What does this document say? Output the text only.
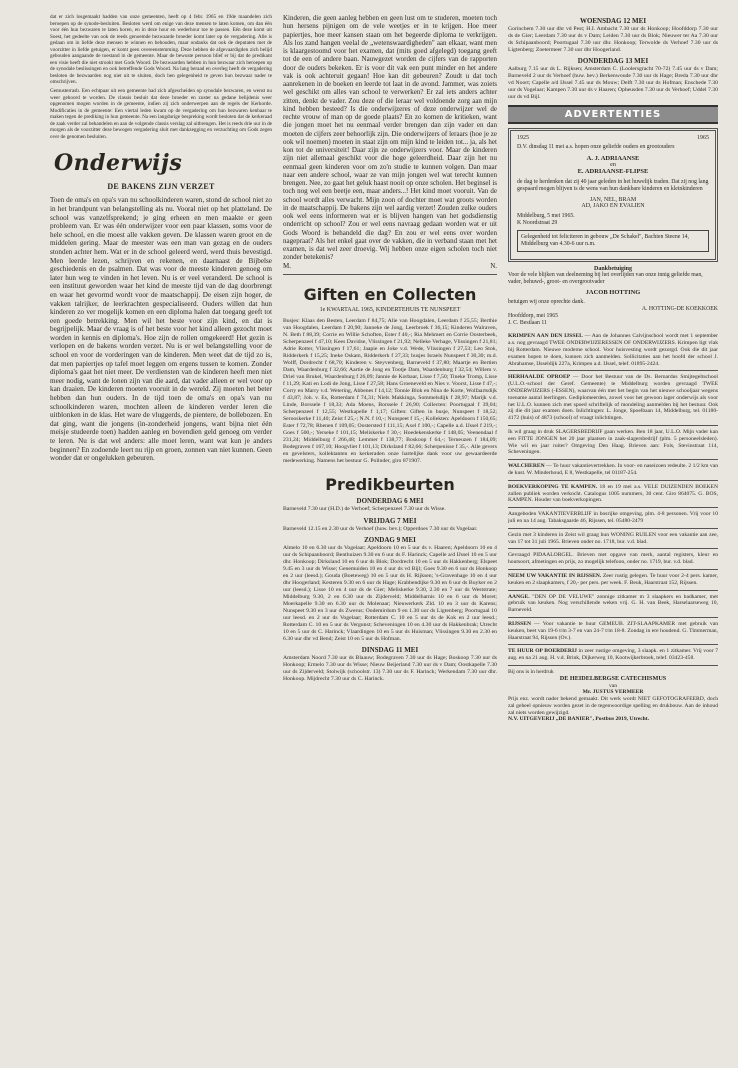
dat er zich losgemaakt hadden van onze gemeenten, heeft op 4 febr. 1965 en 19de maandelen zich beroepen op de synode-besluiten. Besloten werd om enige van deze mensen te laten komen, om dan één voor één hun bezwaren te laten horen, en in deze hour en wederhour toe te passen. Eén deze komt uit Soest, het gedeelte van ook de reeds genoemde bezwaarde broeder komt later op de vergadering. Alle is gedaan om in liefde deze mensen te winnen en behouden, maar ondanks dat ook de deputaten met de voorzitter in liefde getuigen, er komt geen overeenstemming. Deze hebben de afgevaardigden zich belijd gebouden aangaande de toestand in de gemeente. Maar de bewuste persoon blief er bij dat de predikant een visie heeft die niet strookt met Gods Woord. De bezwaarden hebben in hun bezwaar zich beroepen op de synodale beslissingen en ook betreffende Gods Woord. Na lang beraad en overleg heeft de vergadering besloten de bezwaarden nog niet uit te sluiten, doch hen gelegenheid te geven hun bezwaar nader te omschrijven.

Gemusterrasb. Een echtpaar uit een gemeente had zich afgescheiden op synodale bezwaren, en wenst nu weer gehoord te worden. De classis besluit dat deze broeder en zuster na gedane belijdenis weer opgenomen mogen worden in de gemeente, indien zij zich onderwerpen aan de regels der Kerkorde. Modificaties in de gemeente: Een viertal leden kwam op de vergadering om hun bezwaren kenbaar te maken tegen de prediking in hun gemeente. Na een langdurige bespreking wordt besloten dat de kerkeraad de zaak verder zal behandelen en aan de volgende classis verslag zal uitbrengen. Het is reeds drie uur in de morgen als de voorzitter deze bewogen vergadering sluit met dankzegging en verzuchting om Gods zegen over de genomen besluiten.

Onderwijs
DE BAKENS ZIJN VERZET

Toen de oma's en opa's van nu schoolkinderen waren, stond de school niet zo in het brandpunt van belangstelling als nu. Vooral niet op het platteland. De school was vanzelfsprekend; je ging erheen en men maakte er geen probleem van. Er was één onderwijzer voor een paar klassen, soms voor de hele school, en die moest alle vakken geven. De klassen waren groot en de middelen gering. Maar de meester was een man van gezag en de ouders stonden achter hem. Wat er in de school geleerd werd, werd thuis bevestigd. Men leerde lezen, schrijven en rekenen, en daarnaast de Bijbelse geschiedenis en de psalmen. Dat was voor de meeste kinderen genoeg om later hun weg te vinden in het leven. Nu is er veel veranderd. De school is een instituut geworden waar het kind de meeste tijd van de dag doorbrengt en waar het gevormd wordt voor de maatschappij. De eisen zijn hoger, de vakken talrijker, de leerkrachten gespecialiseerd. Ouders willen dat hun kinderen zo ver mogelijk komen en een diploma halen dat toegang geeft tot een goede betrekking. Men wil het beste voor zijn kind, en dat is begrijpelijk. Maar de vraag is of het beste voor het kind alleen gezocht moet worden in kennis en diploma's. Hoe zijn de rollen omgekeerd! Het gezin is verlopen en de bakens worden verzet. Nu is er wel belangstelling voor de school en voor de vorderingen van de kinderen. Men weet dat de tijd zo is, dat men papiertjes op tafel moet leggen om ergens tussen te komen. Zonder diploma's gaat het niet meer. De verdiensten van de kinderen heeft men niet meer nodig, want de lonen zijn van die aard, dat vader alleen er wel voor op kan draaien. De kinderen moeten vooruit in de wereld. Zij moeten het beter hebben dan hun ouders. In de tijd toen de oma's en opa's van nu schoolkinderen waren, mochten alleen de kinderen verder leren die uitblonken in de klas. Het ware de vluggerds, de pientere, de bollebozen. En dat ging, want die jongens (in-zonderheid jongens, want bijna niet één meisje studeerde toen) hadden aanleg en bovendien geld genoeg om verder te leren. Nu is dat wel anders: alle moet leren, want wat kun je anders beginnen? En zodoende leert nu rijp en groen, zonnen van niet kunnen. Geen wonder dat er ongelukken gebeuren.

Kinderen, die geen aanleg hebben en geen lust om te studeren, moeten toch hun hersens pijnigen om de vele weetjes er in te krijgen. Hoe meer papiertjes, hoe meer kansen staan om het begeerde diploma te verkrijgen. Als los zand hangen veelal de „wetenswaardigheden" aan elkaar, want men is klaargestoomd voor het examen, dat (mits goed afgelegd) toegang geeft tot de een of andere baan. Nauwgezet worden de cijfers van de rapporten door de ouders bekeken. Er is voor dit vak een punt minder en het andere vak is ook achteruit gegaan! Hoe kan dit gebeuren? Zoudt u dat toch aanrekenen in de boeken en leerde tot laat in de avond. Jammer, was zoiets wel geschikt om alles van school te verwerken? Er zal iets anders achter zitten, denkt de vader. Zou deze of die leraar wel voldoende zorg aan mijn kind hebben besteed? Is die onderwijzeres of deze onderwijzer wel de rechte vrouw of man op de goede plaats? En zo komen de kritieken, want die jongen moet het nu eenmaal verder brengen dan zijn vader en dan moeten de cijfers zeer behoorlijk zijn. Die onderwijzers of leraars (hoe je ze ook wil noemen) moeten in staat zijn om mijn kind te leiden tot... ja, als het kon tot de universiteit! Daar zijn ze onderwijzers voor. Maar de kinderen zijn niet allemaal geschikt voor die hoge geleerdheid. Daar zijn het nu eenmaal geen kinderen voor om zo'n studie te kunnen volgen. Dan maar naar een andere school, waar ze van mijn jongen wel wat terecht kunnen brengen. Nee, zo gaat het geluk haast nooit op onze scholen. Het beginsel is toch nog wel een beetje een, maar anders...! Het kind moet vooruit. Van de school wordt alles verwacht. Mijn zoon of dochter moet wat groots worden in de maatschappij. De bakens zijn wel aardig verzet! Zouden zulke ouders ook wel eens informeren wat er is blijven hangen van het godsdienstig onderricht op school? Zou er wel eens navraag gedaan worden wat er uit Gods Woord is behandeld die dag? En zou er wel eens over worden nagepraat? Als het enkel gaat over de vakken, die in verband staan met het examen, is dat wel zeer droevig. Wij hebben onze eigen scholen toch niet zonder betekenis?

M.	N.
Giften en Collecten
1e KWARTAAL 1965, KINDERTEHUIS TE NUNSPEET

Busjes: Klaas den Besten, Leerdam f 84,75; Alie van Hoogdalen, Leerdam f 25,55; Berthie van Hoogdalen, Leerdam f 20,90; Janneke de Jong, Leerbroek f 36,15; Kinderen Walraven, N. Beth f 88,39; Corrie en Willie Schoften, Ester f 40,-; Ria Mehmert en Corrie Oosterbeek, Scherpenzeel f 47,10; Kees Davidse, Vlissingen f 21,92; Nelleke Verhage, Vlissingen f 21,81; Adrie Rotter, Vlissingen f 17,61; Jaapie en Joke v.d. Wede, Vlissingen f 27,53; Leo Stok, Ridderkerk f 15,25; Ineke Oskam, Ridderkerk f 27,33; busjes Israels Nunspeet f 30,30; m.d. Wolff, Dordrecht f 68,70; Kinderen v. Steyvenberg, Barneveld f 37,80; Maartje en Bertien Dam, Waardenburg f 32,66; Aartie de Jong en Tootje Dam, Waardenburg f 32,54; Willem v. Driel van Brukel, Waardenburg f 26,09; Jannie de Korbaar, Lisse f 7,50; Tineke Tromp, Lisse f 11,29; Kati en Lodi de Jong, Lisse f 27,58; Hans Groeneveld en Nies v. Voorst, Lisse f 47,-; Corry en Marry v.d. Wetering, Abbenes f 14,12; Tonnie Blok en Nina de Korte, Wolfaartsdijk f 43,87; Joh. v. Es, Rotterdam f 74,31; Niels Makkinga, Sommelsdijk f 28,97; Marijk v.d. Linde, Borssele f 18,33; Ada Moens, Borssele f 26,90; Collecten: Poortugaal f 39,04; Scherpenzeel f 12,55; Westkapelle f 1,17; Giften: Giften in busje, Nunspeet f 18,52; Serooskerke f 11,40; Zeist f 25,-; N.N. f 10,-; Nunspeet f 15,-; Kollekten: Apeldoorn f 150,65; Ester f 72,78; Rhenen f 109,05; Oostersted f 111,15; Axel f 100,-; Capelle a.d. IJssel f 219,-; Goes f 500,-; Yerseke f 101,15; Meliskerke f 30,-; Hoedekenskerke f 148,05; Veenendaal f 231,24; Middelburg f 266,48; Lemmer f 138,77; Boskoop f 64,-; Terneuzen f 184,09; Bodegraven f 167,10; Hoogvliet f 101,13; Dirksland f 82,66; Scherpenisse f 35,-. Alle gevers en gevelsters, kollektanten en kerkeraden onze hartelijke dank voor uw gewaardeerde medewerking. Namens het bestuur G. Polinder, giro 871907.

Predikbeurten
DONDERDAG 6 MEI

Barneveld 7.30 uur (H.D.) de Verhoef; Scherpenzeel 7.30 uur ds Wisse.

VRIJDAG 7 MEI

Barneveld 12.15 en 2.30 uur ds Verhoef (huw. bev.); Opperdoes 7.30 uur ds Vogelaar.

ZONDAG 9 MEI

Almelo 10 en 6.30 uur ds Vogelaar; Apeldoorn 10 en 5 uur ds v. Haaren; Apeldoorn 10 en 4 uur ds Schipaanboord; Benthuizen 9.30 en 6 uur ds F. Harinck; Capelle a/d IJssel 10 en 5 uur dhr. Honkoop; Dirksland 10 en 6 uur ds Blok; Dordrecht 10 en 5 uur ds Hakkenberg; Elspeet 9.45 en 3 uur ds Wisse; Genemuiden 10 en 4 uur ds vd Bijl; Goes 9.30 en 6 uur ds Honkoop en 2 uur (leesd.); Gouda (Boeteweg) 10 en 5 uur ds H. Rijksen; 's-Gravenhage 10 en 4 uur dhr Hoogerland; Kesteren 9.30 en 6 uur ds Hage; Krabbendijke 9.30 en 6 uur ds Buyker en 2 uur (leesd.); Lisse 10 en 4 uur ds de Gier; Meliskerke 9.30, 2.30 en 7 uur ds Weststrate; Middelburg 9.30, 2 en 6.30 uur ds Zijderveld; Middelharnis 10 en 6 uur ds Moret; Moerkapelle 9.30 en 6.30 uur ds Molenaar; Nieuwerkerk Zld. 10 en 3 uur ds Karens; Nunspeet 9.30 en 3 uur ds Zwerus; Oudemirdum 9 en 1.30 uur ds Ligtenberg; Poortugaal 10 uur leesd. en 2 uur ds Vogelaar; Rotterdam C. 10 en 5 uur ds de Kok en 2 uur leesd.; Rotterdam C. 10 en 5 uur ds Vergunst; Scheveningen 10 en 4.30 uur ds Hakkenbrak; Utrecht 10 en 5 uur ds C. Harinck; Vlaardingen 10 en 5 uur ds Huisman; Vlissingen 9.30 en 2.30 en 6.30 uur dhr vd Bend; Zeist 10 en 5 uur ds Hofman.

DINSDAG 11 MEI

Amsterdam Noord 7.30 uur ds Blaauw; Bodegraven 7.30 uur ds Hage; Boskoop 7.30 uur ds Honkoop; Ermelo 7.30 uur ds Wisse; Nieuw Beijerland 7.30 uur ds v Dam; Oostkapelle 7.30 uur ds Zijderveld; Stolwijk (schoolstr. 13) 7.30 uur ds F. Harinck; Werkendam 7.30 uur dhr. Honkoop. Mijdrecht 7.30 uur ds C. Harinck.

WOENSDAG 12 MEI

Gorinchem 7.30 uur dhr vd Pest; H.I. Ambacht 7.30 uur ds Honkoop; Hoofddorp 7.30 uur ds de Gier; Leerdam 7.30 uur ds v Dam; Leiden 7.30 uur ds Blok; Nieuwer ter Aa 7.30 uur ds Schipaanboord; Poortugaal 7.30 uur dhr. Honkoop; Terwolde ds Verhoef 7.30 uur ds Ligtenberg; Zoetermeer 7.30 uur dhr Hoogerland.

DONDERDAG 13 MEI

Aalburg 7.15 uur ds L. Rijksen; Amsterdam C. (Loolersgracht 70-72) 7.45 uur ds v Dam; Barneveld 2 uur ds Verhoef (huw. bev.) Berkenwoude 7.30 uur ds Hage; Breda 7.30 uur dhr vd Noort; Capelle a/d IJssel 7.45 uur ds Mouw; Delft 7.30 uur ds Hofman; Enschede 7.30 uur ds Vogelaar; Kampen 7.30 uur ds v Haaren; Opheusden 7.30 uur ds Verhoef; Uddel 7.30 uur ds vd Bijl.

ADVERTENTIES
1925	1965

D.V. dinsdag 11 mei a.s. hopen onze geliefde ouders en grootouders

A. J. ADRIAANSE

en

E. ADRIAANSE-FLIPSE

de dag te herdenken dat zij 40 jaar geleden in het huwelijk traden. Dat zij nog lang gespaard mogen blijven is de wens van hun dankbare kinderen en kleinkinderen

JAN, NEL, BRAM

AD, JAKO EN EVALIEN

Middelburg, 5 mei 1965.

K Noordstraat 29

Gelegenheid tot feliciteren in gebouw „De Schakel", Bachten Steene 14, Middelburg van 4.30-6 uur n.m.
Dankbetuiging

Voor de vele blijken van deelneming bij het overlijden van onze innig geliefde man, vader, behuwd-, groot- en overgrootvader

JACOB HOTTING

betuigen wij onze oprechte dank.

A. HOTTING-DE KOEKKOEK

Hoofddorp, mei 1965

J. C. Bestlaan 11

KRIMPEN AAN DEN IJSSEL — Aan de Johannes Calvijnschool wordt met 1 september a.s. nog gevraagd TWEE ONDERWIJZERESSEN OF ONDERWIJZERS. Krimpen ligt vlak bij Rotterdam. Nieuwe moderne school. Voor huisvesting wordt gezorgd. Ook die dit jaar examen hopen te doen, kunnen zich aanmelden. Sollicitaties aan het hoofd der school J. Abrahamse, IJsseldijk 227a, Krimpen a.d. IJssel, telef. 01895-2424.
HERHAALDE OPROEP — Door het Bestuur van de Ds. Bernardus Smijtegeltschool (U.L.O.-school der Geref. Gemeente) te Middelburg worden gevraagd TWEE ONDERWIJZERS (-ESSEN), waarvan één met het begin van het nieuwe schooljaar wegens toename aantal leerlingen. Gediplomeerden, zowel voor het gewoon lager onderwijs als voor het U.L.O. kunnen zich met spoed schriftelijk of mondeling aanmelden bij het bestuur. Ook zij die dit jaar examen doen. Inlichtingen: L. Jonge, Spoelbaan 14, Middelburg, tel. 01180-4172 (huis) of 4873 (school) of vraagt inlichtingen.
Ik wil graag in druk SLAGERSBEDRIJF gaan werken. Ben 18 jaar, U.L.O. Mijn vader kan een FITTE JONGEN het 20 jaar plaatsen in zaak-slagersbedrijf (plm. 5 personeelsleden). Wie wil en jaar ruiter? Omgeving Den Haag. Brieven aan: Fols, Stevinstraat 114, Scheveningen.
WALCHEREN — Te huur vakantievertrekken. In voor- en naseizoen redeulte. 2 1/2 km van de kust. W. Minderhoud, E 8, Westkapelle, tel 01187-254.
BOEKVERKOPING TE KAMPEN. 18 en 19 mei a.s. VELE DUIZENDEN BOEKEN zullen publiek worden verkocht. Catalogus 1005 nummers, 30 cent. Giro 864075. G. BOS, KAMPEN. Houder van boekverkopingen.
Aangeboden VAKANTIEVERBLIJF in bosrijke omgeving, plm. 4-8 personen. Vrij voor 10 juli en na 14 aug. Tabaksgaarde 46, Rijssen, tel. 05480-2479
Gezin met 3 kinderen in Zeist wil graag hun WONING RUILEN voor een vakantie aan zee, van 17 tot 31 juli 1965. Brieven onder no. 1718, bur. v.d. blad.
Gevraagd PIDAALORGEL. Brieven met opgave van merk, aantal registers, kleur en houtsoort, afmetingen en prijs, zo mogelijk telefoon, onder no. 1719, bur. v.d. blad.
NEEM UW VAKANTIE IN RIJSSEN. Zeer rustig gelegen. Te huur voor 2-4 pers. kamer, keuken en 2 slaapkamers, f 20,- per pers. per week. F. Beuk, Haarstraat 152, Rijssen.
AANGE. "DEN OP DE VELUWE" zonnige zitkamer m 3 slaapkers en badkamer, met gebruik van keuken. Nog verschillende weken vrij. G. H. van Beek, Harselaarseweg 10, Barneveld.
RIJSSEN — Voor vakantie te huur GEMEUB. ZIT-SLAAPKAMER met gebruik van keuken, beet van 19-6 t/m 3-7 en van 24-7 t/m 18-8. Zondag in ere houdend. G. Timmerman, Haarstraat 94, Rijssen (Ov.).
TE HUUR OP BOERDERIJ in zeer rustige omgeving, 3 slaapk. en 1 zitkamer. Vrij voor 7 aug. en na 21 aug. H. v.d. Brink, Dijkerweg 10, Kootwijkerbroek, telef. 03423-458.

Bij ons is in herdruk

DE HEIDELBERGSE CATECHISMUS

van

Mr. JUSTUS VERMEER

Prijs enz. wordt nader bekend gemaakt. Dit werk wordt NIET GEFOTOGRAFEERD, doch zal geheel opnieuw worden gezet in de tegenwoordige spelling en drukbouw. Aan de inhoud zal niets worden gewijzigd.

N.V. UITGEVERIJ „DE BANIER", Postbus 2019, Utrecht.
